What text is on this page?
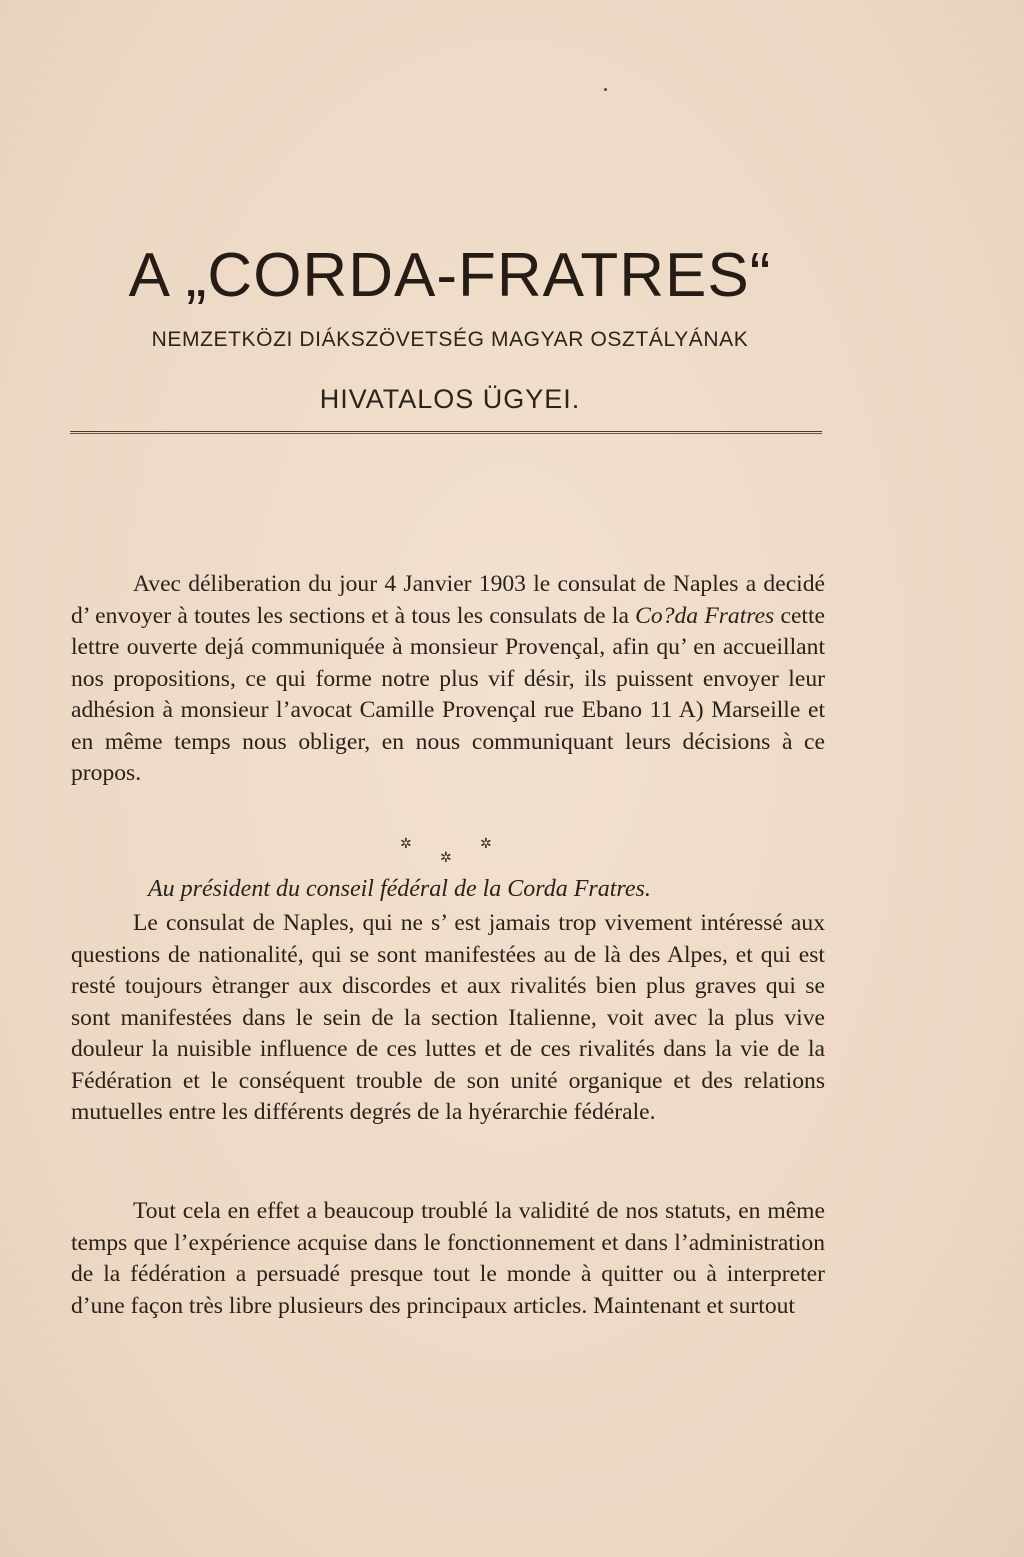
A „CORDA-FRATRES“
NEMZETKÖZI DIÁKSZÖVETSÉG MAGYAR OSZTÁLYÁNAK
HIVATALOS ÜGYEI.

Avec déliberation du jour 4 Janvier 1903 le consulat de Naples a decidé d’ envoyer à toutes les sections et à tous les consulats de la Co?da Fratres cette lettre ouverte dejá communiquée à monsieur Provençal, afin qu’ en accueillant nos propositions, ce qui forme notre plus vif désir, ils puissent envoyer leur adhésion à monsieur l’avocat Camille Provençal rue Ebano 11 A) Marseille et en même temps nous obliger, en nous communiquant leurs décisions à ce propos.

✲	✲
✲
Au président du conseil fédéral de la Corda Fratres.

Le consulat de Naples, qui ne s’ est jamais trop vivement intéressé aux questions de nationalité, qui se sont manifestées au de là des Alpes, et qui est resté toujours ètranger aux discordes et aux rivalités bien plus graves qui se sont manifestées dans le sein de la section Italienne, voit avec la plus vive douleur la nuisible influence de ces luttes et de ces rivalités dans la vie de la Fédération et le conséquent trouble de son unité organique et des relations mutuelles entre les différents degrés de la hyérarchie fédérale.

Tout cela en effet a beaucoup troublé la validité de nos statuts, en même temps que l’expérience acquise dans le fonctionnement et dans l’administration de la fédération a persuadé presque tout le monde à quitter ou à interpreter d’une façon très libre plusieurs des principaux articles. Maintenant et surtout
